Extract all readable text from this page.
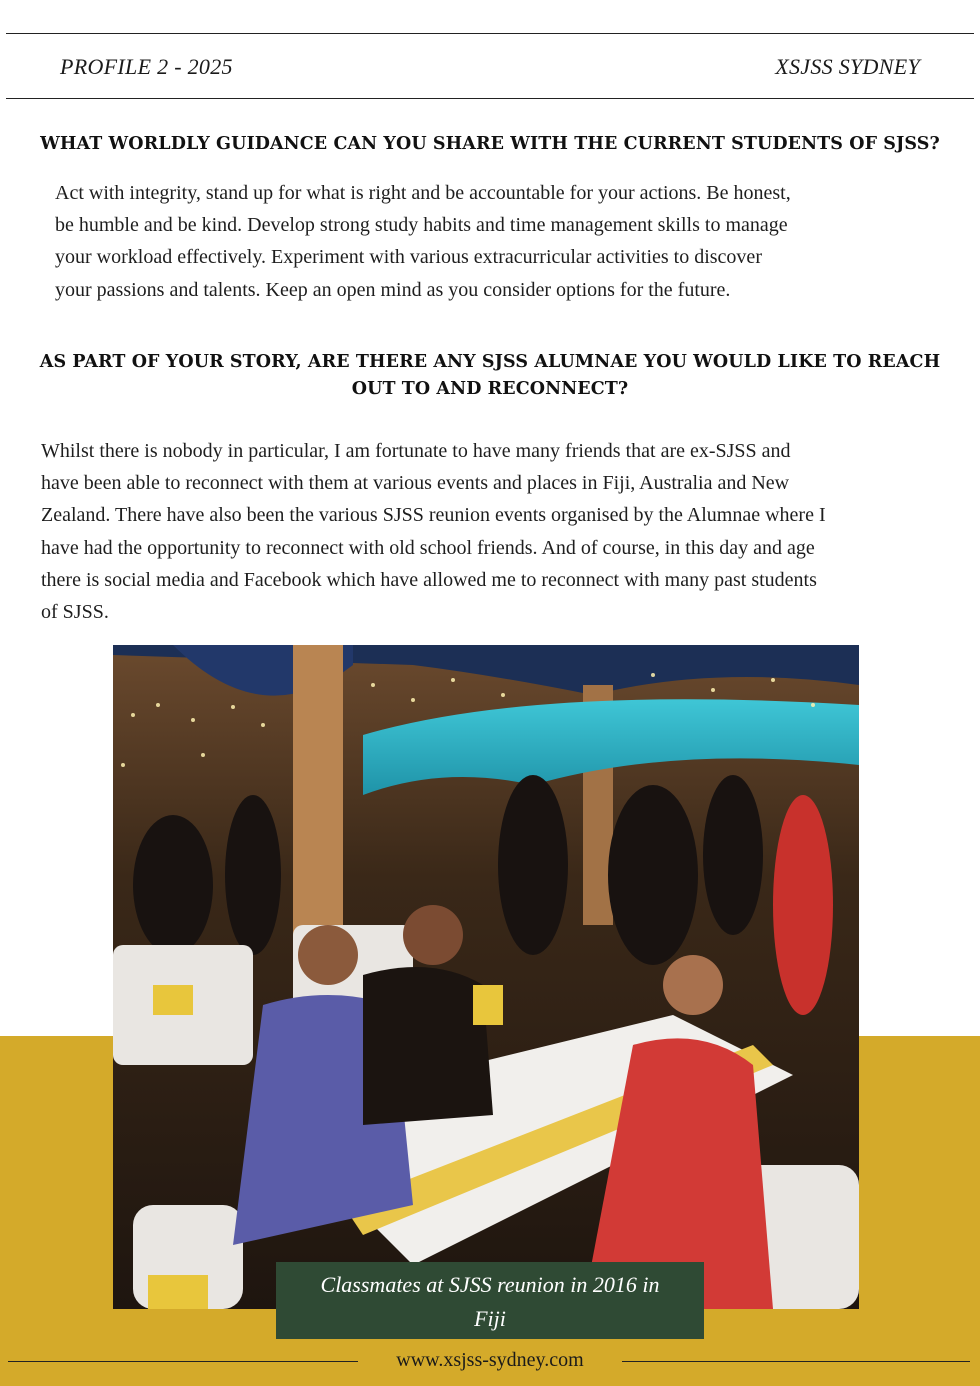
PROFILE 2 - 2025	XSJSS SYDNEY
WHAT WORLDLY GUIDANCE CAN YOU SHARE WITH THE CURRENT STUDENTS OF SJSS?
Act with integrity, stand up for what is right and be accountable for your actions. Be honest,
be humble and be kind. Develop strong study habits and time management skills to manage
your workload effectively. Experiment with various extracurricular activities to discover
your passions and talents. Keep an open mind as you consider options for the future.
AS PART OF YOUR STORY, ARE THERE ANY SJSS ALUMNAE YOU WOULD LIKE TO REACH
OUT TO AND RECONNECT?
Whilst there is nobody in particular, I am fortunate to have many friends that are ex-SJSS and
have been able to reconnect with them at various events and places in Fiji, Australia and New
Zealand. There have also been the various SJSS reunion events organised by the Alumnae where I
have had the opportunity to reconnect with old school friends. And of course, in this day and age
there is social media and Facebook which have allowed me to reconnect with many past students
of SJSS.
Classmates at SJSS reunion in 2016 in
Fiji
www.xsjss-sydney.com
